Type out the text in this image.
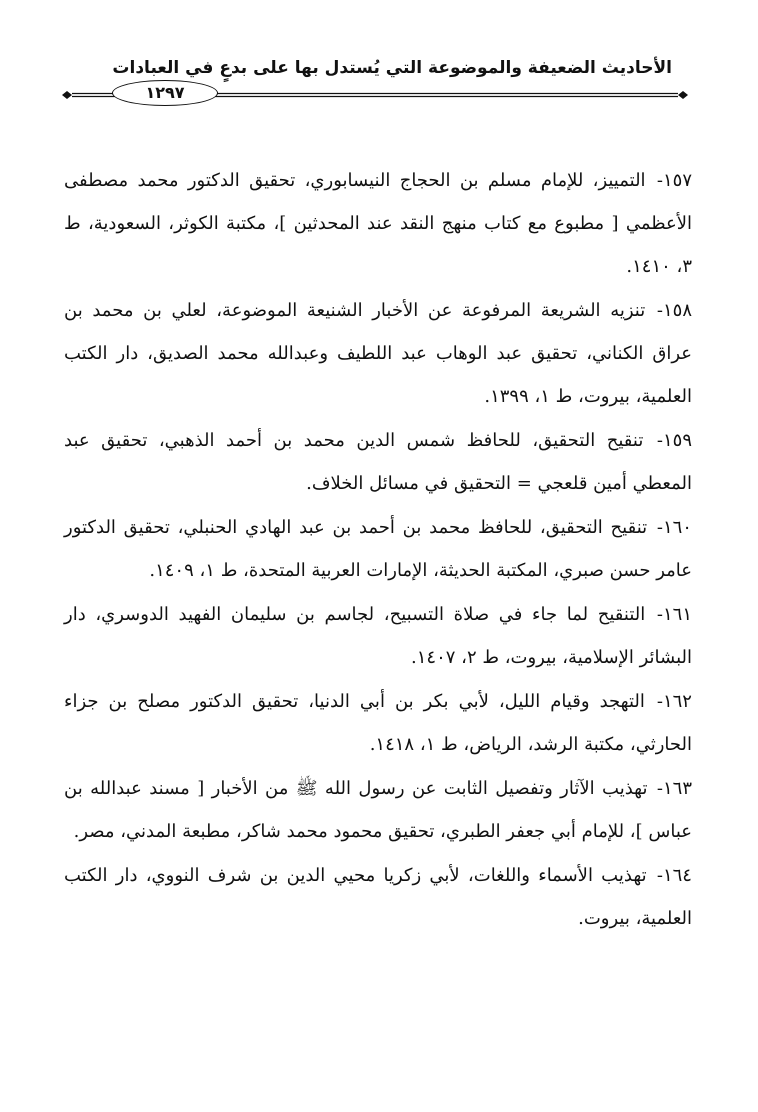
الأحاديث الضعيفة والموضوعة التي يُستدل بها على بدعٍ في العبادات
١٢٩٧

١٥٧- التمييز، للإمام مسلم بن الحجاج النيسابوري، تحقيق الدكتور محمد مصطفى الأعظمي [ مطبوع مع كتاب منهج النقد عند المحدثين ]، مكتبة الكوثر، السعودية، ط ٣، ١٤١٠.

١٥٨- تنزيه الشريعة المرفوعة عن الأخبار الشنيعة الموضوعة، لعلي بن محمد بن عراق الكناني، تحقيق عبد الوهاب عبد اللطيف وعبدالله محمد الصديق، دار الكتب العلمية، بيروت، ط ١، ١٣٩٩.

١٥٩- تنقيح التحقيق، للحافظ شمس الدين محمد بن أحمد الذهبي، تحقيق عبد المعطي أمين قلعجي = التحقيق في مسائل الخلاف.

١٦٠- تنقيح التحقيق، للحافظ محمد بن أحمد بن عبد الهادي الحنبلي، تحقيق الدكتور عامر حسن صبري، المكتبة الحديثة، الإمارات العربية المتحدة، ط ١، ١٤٠٩.

١٦١- التنقيح لما جاء في صلاة التسبيح، لجاسم بن سليمان الفهيد الدوسري، دار البشائر الإسلامية، بيروت، ط ٢، ١٤٠٧.

١٦٢- التهجد وقيام الليل، لأبي بكر بن أبي الدنيا، تحقيق الدكتور مصلح بن جزاء الحارثي، مكتبة الرشد، الرياض، ط ١، ١٤١٨.

١٦٣- تهذيب الآثار وتفصيل الثابت عن رسول الله ﷺ من الأخبار [ مسند عبدالله بن عباس ]، للإمام أبي جعفر الطبري، تحقيق محمود محمد شاكر، مطبعة المدني، مصر.

١٦٤- تهذيب الأسماء واللغات، لأبي زكريا محيي الدين بن شرف النووي، دار الكتب العلمية، بيروت.
